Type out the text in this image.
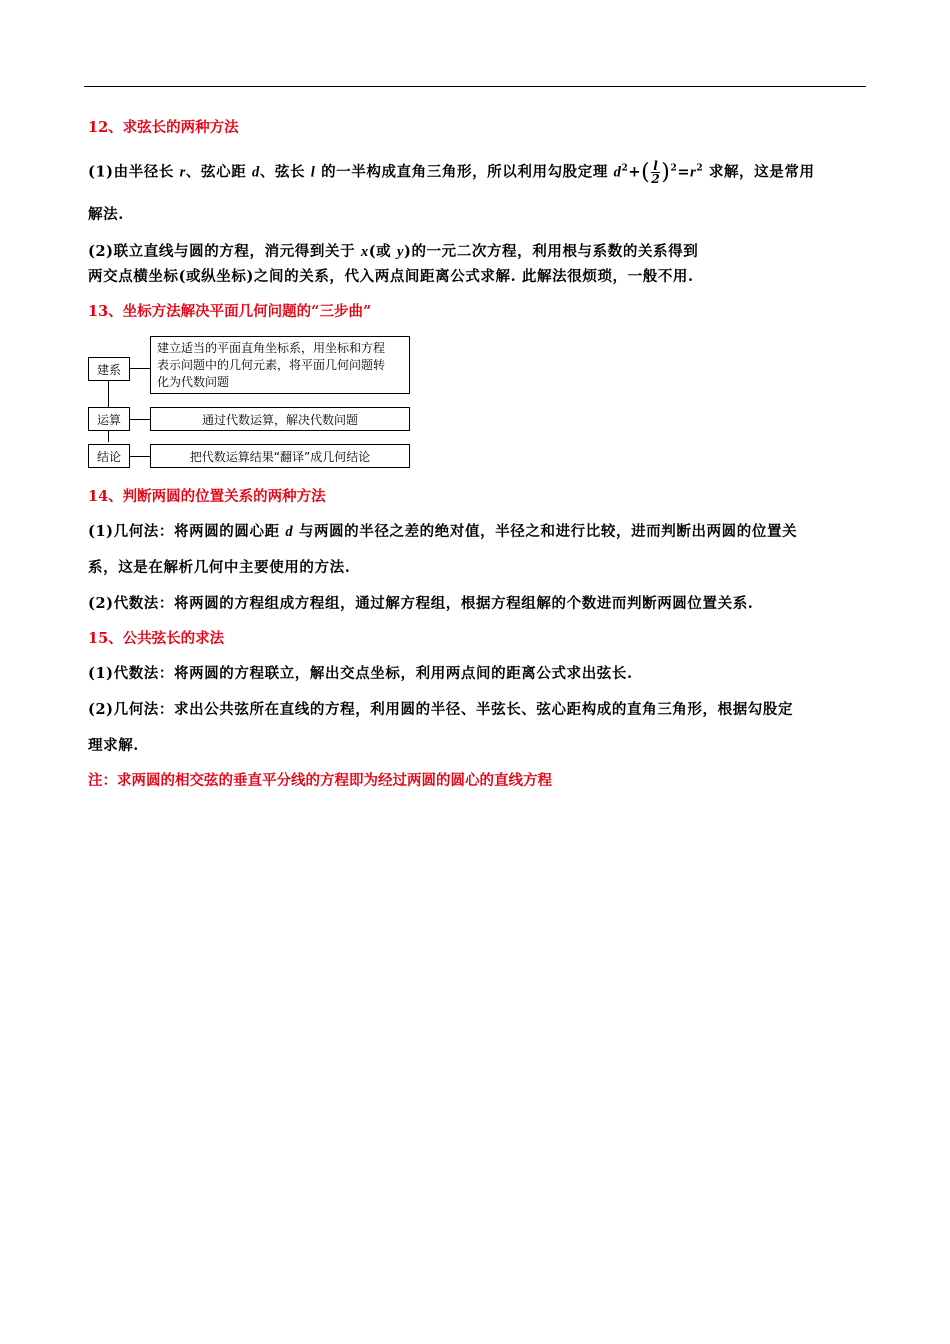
12、求弦长的两种方法
(1)由半径长 r、弦心距 d、弦长 l 的一半构成直角三角形，所以利用勾股定理 $d^2+( \frac{l}{2} )^2=r^2$ 求解，这是常用
解法.
(2)联立直线与圆的方程，消元得到关于 x(或 y)的一元二次方程，利用根与系数的关系得到
两交点横坐标(或纵坐标)之间的关系，代入两点间距离公式求解. 此解法很烦琐，一般不用.
13、坐标方法解决平面几何问题的“三步曲”
建系
运算
结论
建立适当的平面直角坐标系，用坐标和方程
表示问题中的几何元素，将平面几何问题转
化为代数问题
通过代数运算，解决代数问题
把代数运算结果“翻译”成几何结论
14、判断两圆的位置关系的两种方法
(1)几何法：将两圆的圆心距 d 与两圆的半径之差的绝对值，半径之和进行比较，进而判断出两圆的位置关
系，这是在解析几何中主要使用的方法.
(2)代数法：将两圆的方程组成方程组，通过解方程组，根据方程组解的个数进而判断两圆位置关系.
15、公共弦长的求法
(1)代数法：将两圆的方程联立，解出交点坐标，利用两点间的距离公式求出弦长.
(2)几何法：求出公共弦所在直线的方程，利用圆的半径、半弦长、弦心距构成的直角三角形，根据勾股定
理求解.
注：求两圆的相交弦的垂直平分线的方程即为经过两圆的圆心的直线方程
